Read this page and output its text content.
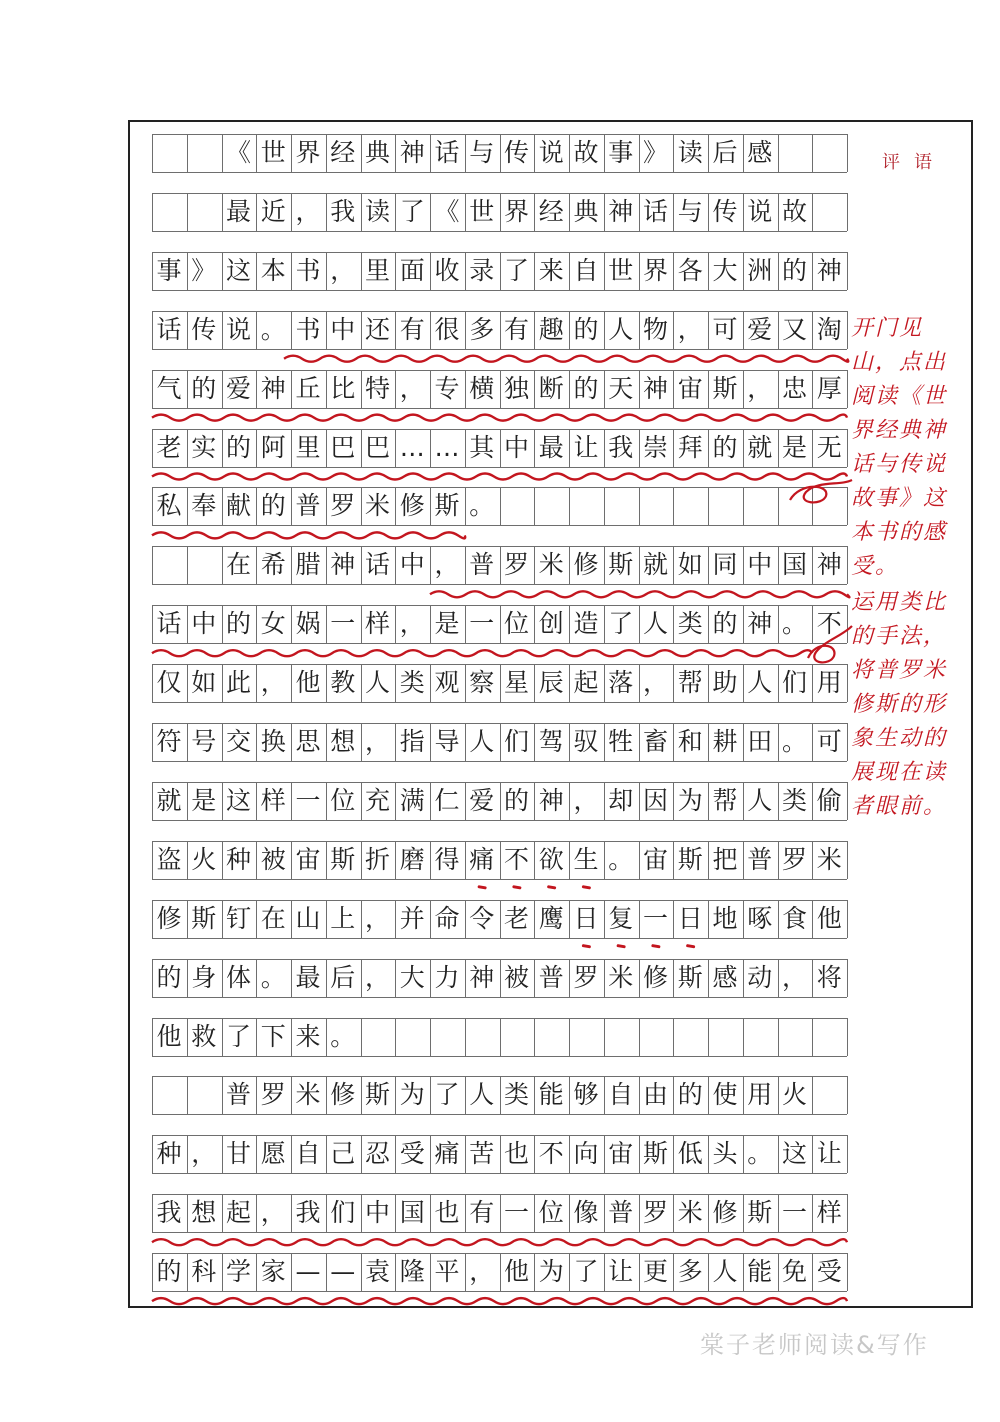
《 世 界 经 典 神 话 与 传 说 故 事 》 读 后 感

最 近 ， 我 读 了 《 世 界 经 典 神 话 与 传 说 故
事 》 这 本 书 ， 里 面 收 录 了 来 自 世 界 各 大 洲 的 神
话 传 说 。 书 中 还 有 很 多 有 趣 的 人 物 ， 可 爱 又 淘
气 的 爱 神 丘 比 特 ， 专 横 独 断 的 天 神 宙 斯 ， 忠 厚
老 实 的 阿 里 巴 巴 … … 其 中 最 让 我 崇 拜 的 就 是 无
私 奉 献 的 普 罗 米 修 斯 。

在 希 腊 神 话 中 ， 普 罗 米 修 斯 就 如 同 中 国 神
话 中 的 女 娲 一 样 ， 是 一 位 创 造 了 人 类 的 神 。 不
仅 如 此 ， 他 教 人 类 观 察 星 辰 起 落 ， 帮 助 人 们 用
符 号 交 换 思 想 ， 指 导 人 们 驾 驭 牲 畜 和 耕 田 。 可
就 是 这 样 一 位 充 满 仁 爱 的 神 ， 却 因 为 帮 人 类 偷
盗 火 种 被 宙 斯 折 磨 得 痛 不 欲 生 。 宙 斯 把 普 罗 米
修 斯 钉 在 山 上 ， 并 命 令 老 鹰 日 复 一 日 地 啄 食 他
的 身 体 。 最 后 ， 大 力 神 被 普 罗 米 修 斯 感 动 ， 将
他 救 了 下 来 。

普 罗 米 修 斯 为 了 人 类 能 够 自 由 的 使 用 火
种 ， 甘 愿 自 己 忍 受 痛 苦 也 不 向 宙 斯 低 头 。 这 让
我 想 起 ， 我 们 中 国 也 有 一 位 像 普 罗 米 修 斯 一 样
的 科 学 家 — — 袁 隆 平 ， 他 为 了 让 更 多 人 能 免 受
评语
开门见山，点出阅读《世界经典神话与传说故事》这本书的感受。
运用类比的手法，将普罗米修斯的形象生动的展现在读者眼前。
棠子老师阅读&写作
